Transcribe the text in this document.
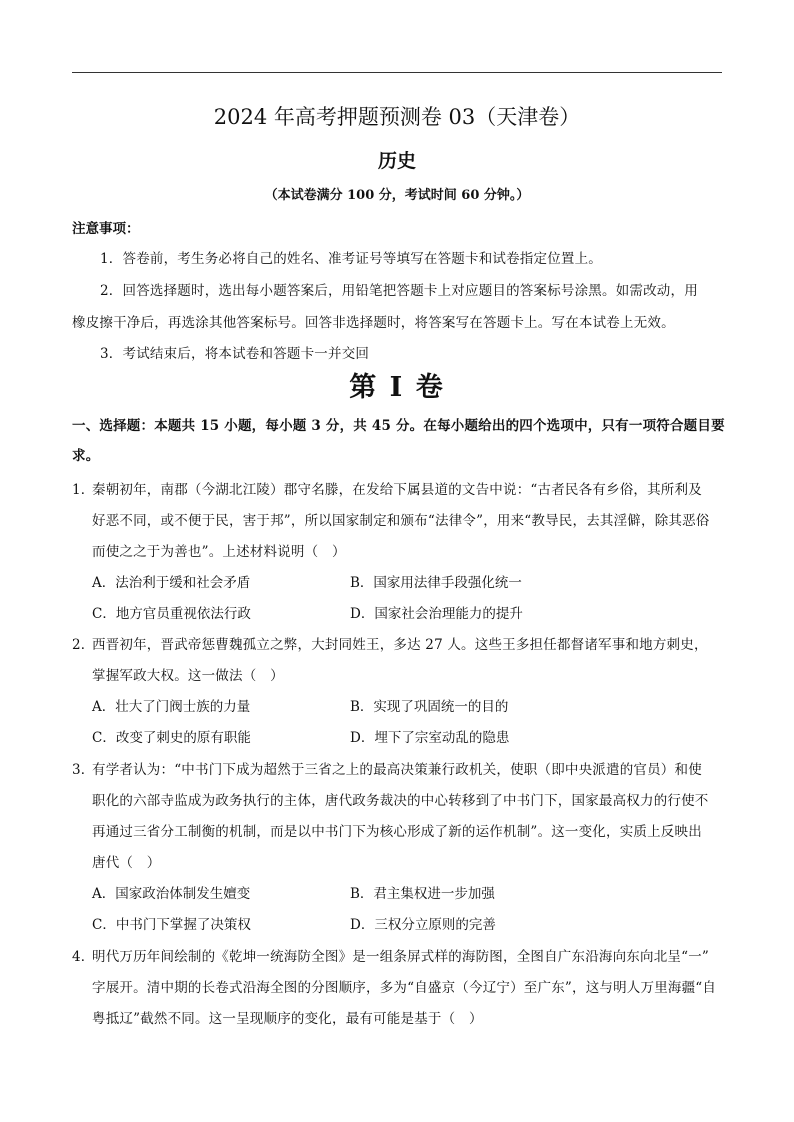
2024 年高考押题预测卷 03（天津卷）
历史
（本试卷满分 100 分，考试时间 60 分钟。）
注意事项：
1．答卷前，考生务必将自己的姓名、准考证号等填写在答题卡和试卷指定位置上。
2．回答选择题时，选出每小题答案后，用铅笔把答题卡上对应题目的答案标号涂黑。如需改动，用
橡皮擦干净后，再选涂其他答案标号。回答非选择题时，将答案写在答题卡上。写在本试卷上无效。
3．考试结束后，将本试卷和答题卡一并交回
第 I 卷
一、选择题：本题共 15 小题，每小题 3 分，共 45 分。在每小题给出的四个选项中，只有一项符合题目要
求。
1．
秦朝初年，南郡（今湖北江陵）郡守名滕，在发给下属县道的文告中说：“古者民各有乡俗，其所利及
好恶不同，或不便于民，害于邦”，所以国家制定和颁布“法律令”，用来“教导民，去其淫僻，除其恶俗
而使之之于为善也”。上述材料说明（　）
A．法治利于缓和社会矛盾	B．国家用法律手段强化统一
C．地方官员重视依法行政	D．国家社会治理能力的提升
2．
西晋初年，晋武帝惩曹魏孤立之弊，大封同姓王，多达 27 人。这些王多担任都督诸军事和地方刺史，
掌握军政大权。这一做法（　）
A．壮大了门阀士族的力量	B．实现了巩固统一的目的
C．改变了刺史的原有职能	D．埋下了宗室动乱的隐患
3．
有学者认为：“中书门下成为超然于三省之上的最高决策兼行政机关，使职（即中央派遣的官员）和使
职化的六部寺监成为政务执行的主体，唐代政务裁决的中心转移到了中书门下，国家最高权力的行使不
再通过三省分工制衡的机制，而是以中书门下为核心形成了新的运作机制”。这一变化，实质上反映出
唐代（　）
A．国家政治体制发生嬗变	B．君主集权进一步加强
C．中书门下掌握了决策权	D．三权分立原则的完善
4．
明代万历年间绘制的《乾坤一统海防全图》是一组条屏式样的海防图，全图自广东沿海向东向北呈“一”
字展开。清中期的长卷式沿海全图的分图顺序，多为“自盛京（今辽宁）至广东”，这与明人万里海疆“自
粤抵辽”截然不同。这一呈现顺序的变化，最有可能是基于（　）
